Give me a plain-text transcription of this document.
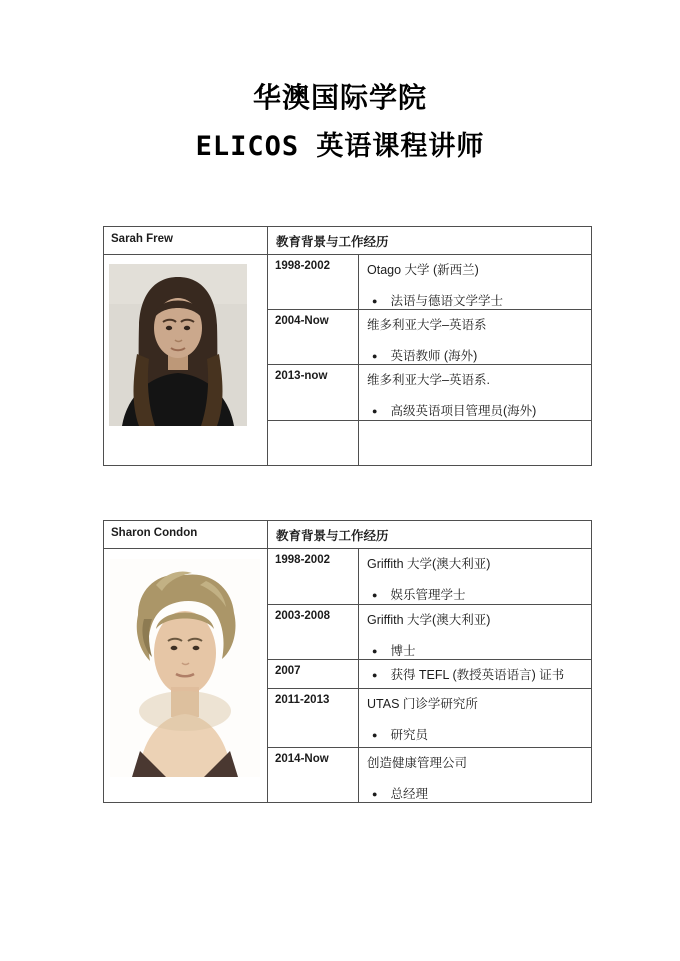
华澳国际学院
ELICOS 英语课程讲师
Sarah Frew	教育背景与工作经历	

1998-2002	Otago 大学 (新西兰)
● 法语与德语文学学士

	2004-Now	维多利亚大学–英语系
● 英语教师 (海外)

	2013-now	维多利亚大学–英语系.
● 高级英语项目管理员(海外)

Sharon Condon	教育背景与工作经历	

1998-2002	Griffith 大学(澳大利亚)
● 娱乐管理学士

	2003-2008	Griffith 大学(澳大利亚)
● 博士

	2007	● 获得 TEFL (教授英语语言) 证书

	2011-2013	UTAS 门诊学研究所
● 研究员

	2014-Now	创造健康管理公司
● 总经理
